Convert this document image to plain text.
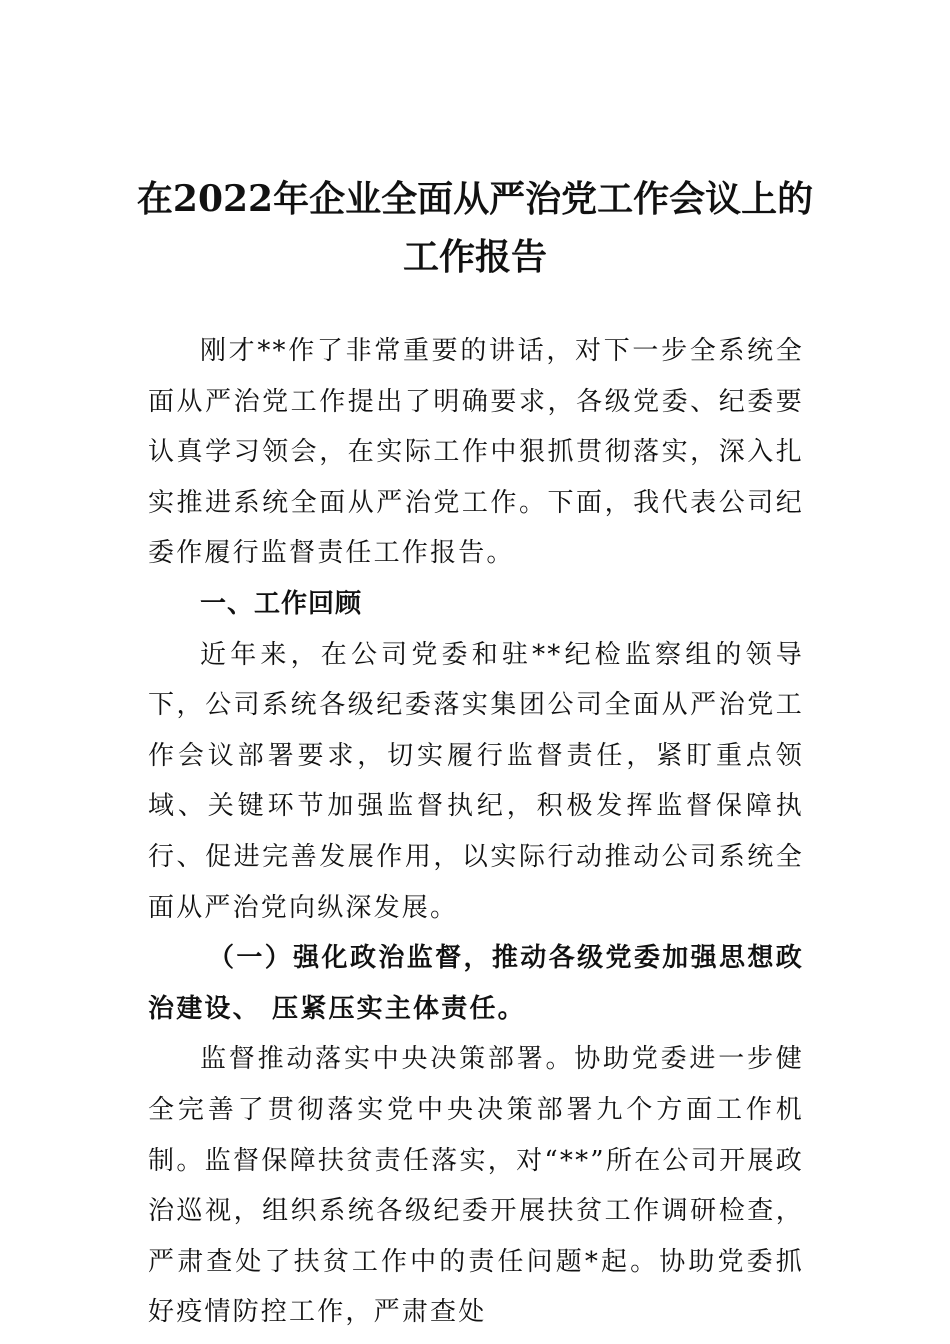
在2022年企业全面从严治党工作会议上的
工作报告

刚才**作了非常重要的讲话，对下一步全系统全面从严治党工作提出了明确要求，各级党委、纪委要认真学习领会，在实际工作中狠抓贯彻落实，深入扎实推进系统全面从严治党工作。下面，我代表公司纪委作履行监督责任工作报告。

一、工作回顾

近年来，在公司党委和驻**纪检监察组的领导下，公司系统各级纪委落实集团公司全面从严治党工作会议部署要求，切实履行监督责任，紧盯重点领域、关键环节加强监督执纪，积极发挥监督保障执行、促进完善发展作用，以实际行动推动公司系统全面从严治党向纵深发展。

（一）强化政治监督，推动各级党委加强思想政治建设、 压紧压实主体责任。

监督推动落实中央决策部署。协助党委进一步健全完善了贯彻落实党中央决策部署九个方面工作机制。监督保障扶贫责任落实，对“**”所在公司开展政治巡视，组织系统各级纪委开展扶贫工作调研检查，严肃查处了扶贫工作中的责任问题*起。协助党委抓好疫情防控工作，严肃查处
